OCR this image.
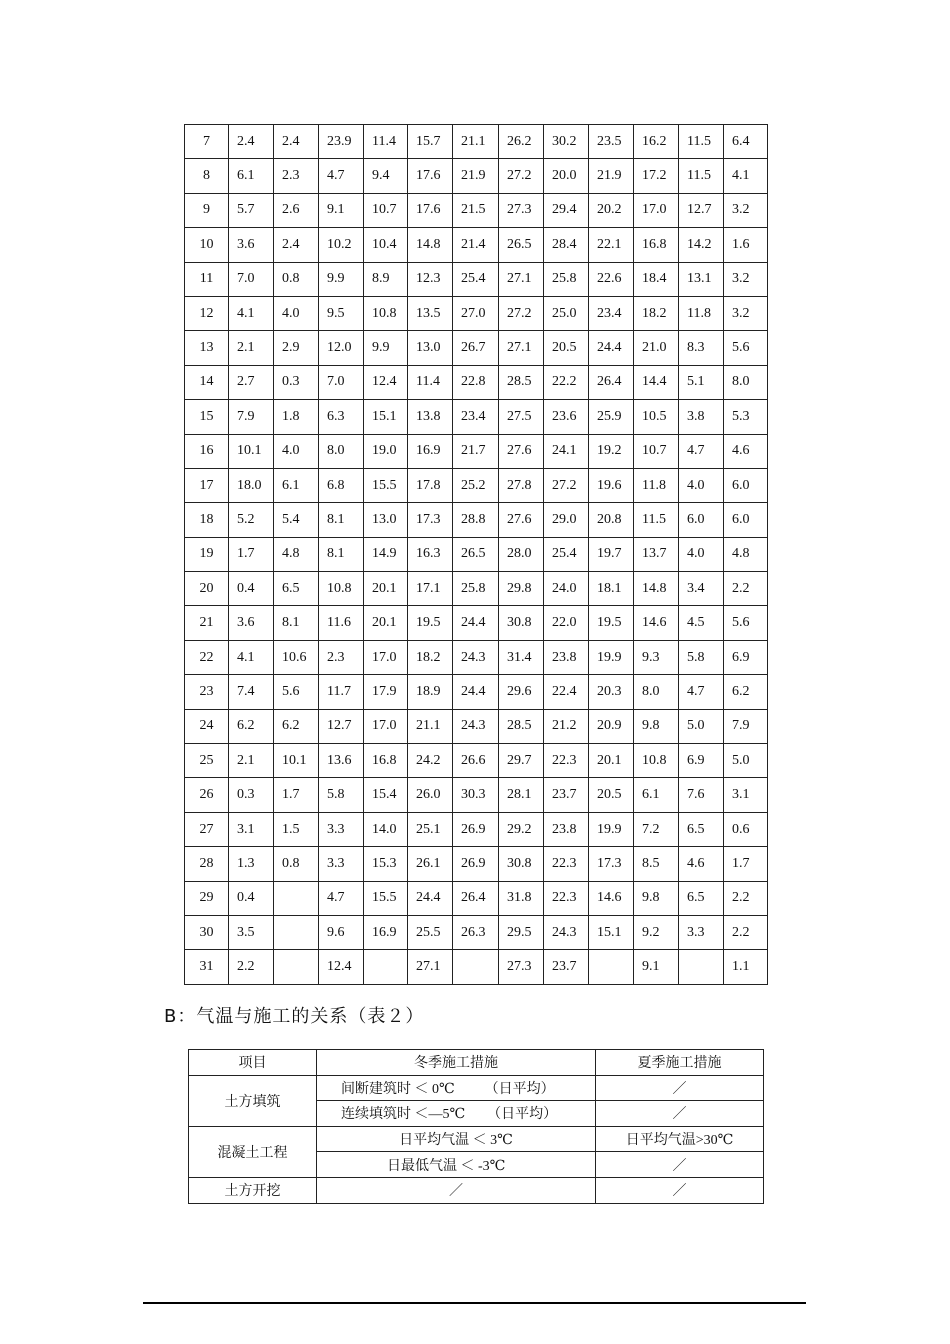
7	2.4	2.4	23.9	11.4	15.7	21.1	26.2	30.2	23.5	16.2	11.5	6.4
8	6.1	2.3	4.7	9.4	17.6	21.9	27.2	20.0	21.9	17.2	11.5	4.1
9	5.7	2.6	9.1	10.7	17.6	21.5	27.3	29.4	20.2	17.0	12.7	3.2
10	3.6	2.4	10.2	10.4	14.8	21.4	26.5	28.4	22.1	16.8	14.2	1.6
11	7.0	0.8	9.9	8.9	12.3	25.4	27.1	25.8	22.6	18.4	13.1	3.2
12	4.1	4.0	9.5	10.8	13.5	27.0	27.2	25.0	23.4	18.2	11.8	3.2
13	2.1	2.9	12.0	9.9	13.0	26.7	27.1	20.5	24.4	21.0	8.3	5.6
14	2.7	0.3	7.0	12.4	11.4	22.8	28.5	22.2	26.4	14.4	5.1	8.0
15	7.9	1.8	6.3	15.1	13.8	23.4	27.5	23.6	25.9	10.5	3.8	5.3
16	10.1	4.0	8.0	19.0	16.9	21.7	27.6	24.1	19.2	10.7	4.7	4.6
17	18.0	6.1	6.8	15.5	17.8	25.2	27.8	27.2	19.6	11.8	4.0	6.0
18	5.2	5.4	8.1	13.0	17.3	28.8	27.6	29.0	20.8	11.5	6.0	6.0
19	1.7	4.8	8.1	14.9	16.3	26.5	28.0	25.4	19.7	13.7	4.0	4.8
20	0.4	6.5	10.8	20.1	17.1	25.8	29.8	24.0	18.1	14.8	3.4	2.2
21	3.6	8.1	11.6	20.1	19.5	24.4	30.8	22.0	19.5	14.6	4.5	5.6
22	4.1	10.6	2.3	17.0	18.2	24.3	31.4	23.8	19.9	9.3	5.8	6.9
23	7.4	5.6	11.7	17.9	18.9	24.4	29.6	22.4	20.3	8.0	4.7	6.2
24	6.2	6.2	12.7	17.0	21.1	24.3	28.5	21.2	20.9	9.8	5.0	7.9
25	2.1	10.1	13.6	16.8	24.2	26.6	29.7	22.3	20.1	10.8	6.9	5.0
26	0.3	1.7	5.8	15.4	26.0	30.3	28.1	23.7	20.5	6.1	7.6	3.1
27	3.1	1.5	3.3	14.0	25.1	26.9	29.2	23.8	19.9	7.2	6.5	0.6
28	1.3	0.8	3.3	15.3	26.1	26.9	30.8	22.3	17.3	8.5	4.6	1.7
29	0.4		4.7	15.5	24.4	26.4	31.8	22.3	14.6	9.8	6.5	2.2
30	3.5		9.6	16.9	25.5	26.3	29.5	24.3	15.1	9.2	3.3	2.2
31	2.2		12.4		27.1		27.3	23.7		9.1		1.1
B：气温与施工的关系（表２）
项目	冬季施工措施	夏季施工措施
土方填筑	间断建筑时 ＜ 0℃ （日平均）	／
	连续填筑时 ＜—5℃ （日平均）	／
混凝土工程	日平均气温 ＜ 3℃	日平均气温>30℃
	日最低气温 ＜ -3℃	／
土方开挖	／	／
